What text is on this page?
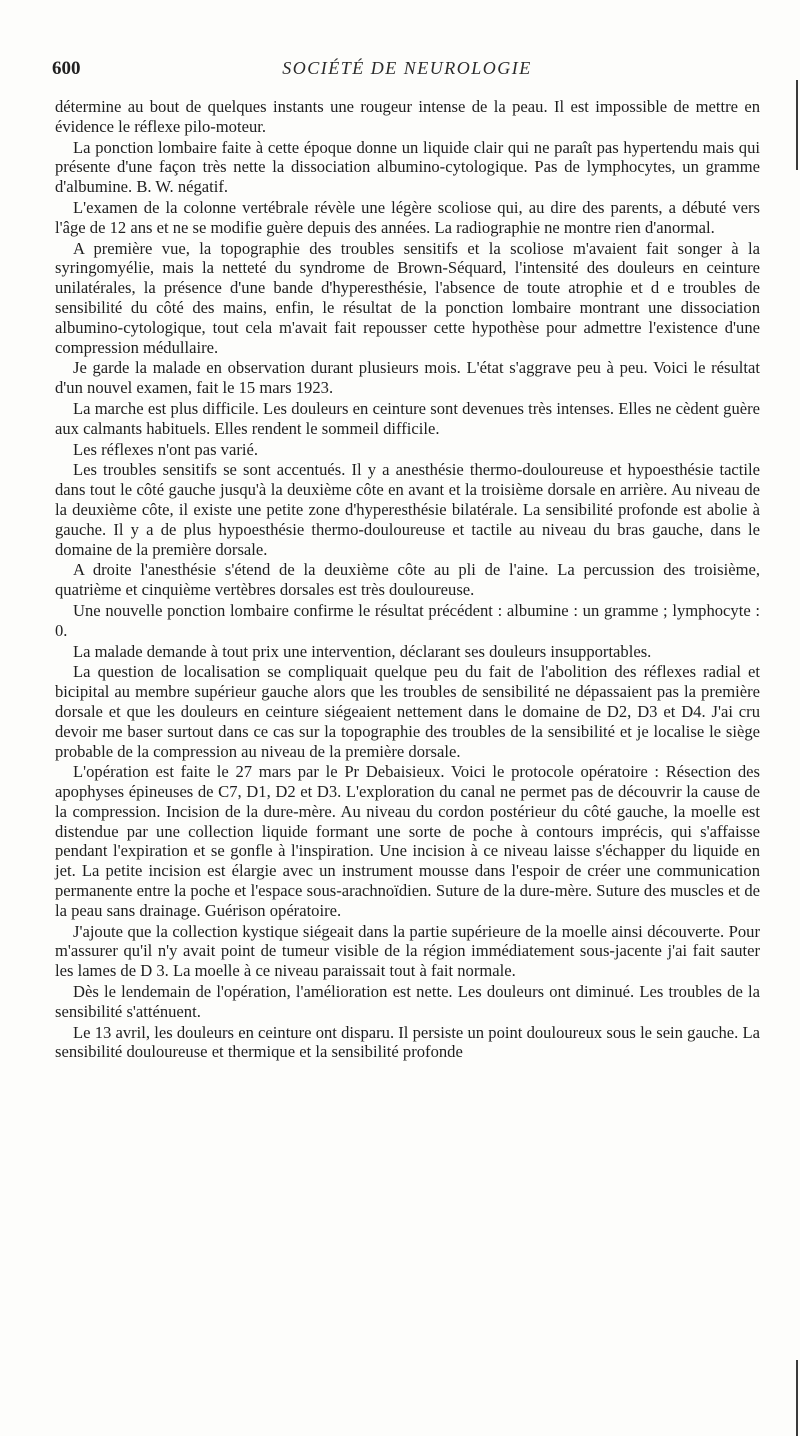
600	SOCIÉTÉ DE NEUROLOGIE

détermine au bout de quelques instants une rougeur intense de la peau. Il est impossible de mettre en évidence le réflexe pilo-moteur.

La ponction lombaire faite à cette époque donne un liquide clair qui ne paraît pas hypertendu mais qui présente d'une façon très nette la dissociation albumino-cytologique. Pas de lymphocytes, un gramme d'albumine. B. W. négatif.

L'examen de la colonne vertébrale révèle une légère scoliose qui, au dire des parents, a débuté vers l'âge de 12 ans et ne se modifie guère depuis des années. La radiographie ne montre rien d'anormal.

A première vue, la topographie des troubles sensitifs et la scoliose m'avaient fait songer à la syringomyélie, mais la netteté du syndrome de Brown-Séquard, l'intensité des douleurs en ceinture unilatérales, la présence d'une bande d'hyperesthésie, l'absence de toute atrophie et d e troubles de sensibilité du côté des mains, enfin, le résultat de la ponction lombaire montrant une dissociation albumino-cytologique, tout cela m'avait fait repousser cette hypothèse pour admettre l'existence d'une compression médullaire.

Je garde la malade en observation durant plusieurs mois. L'état s'aggrave peu à peu. Voici le résultat d'un nouvel examen, fait le 15 mars 1923.

La marche est plus difficile. Les douleurs en ceinture sont devenues très intenses. Elles ne cèdent guère aux calmants habituels. Elles rendent le sommeil difficile.

Les réflexes n'ont pas varié.

Les troubles sensitifs se sont accentués. Il y a anesthésie thermo-douloureuse et hypoesthésie tactile dans tout le côté gauche jusqu'à la deuxième côte en avant et la troisième dorsale en arrière. Au niveau de la deuxième côte, il existe une petite zone d'hyperesthésie bilatérale. La sensibilité profonde est abolie à gauche. Il y a de plus hypoesthésie thermo-douloureuse et tactile au niveau du bras gauche, dans le domaine de la première dorsale.

A droite l'anesthésie s'étend de la deuxième côte au pli de l'aine. La percussion des troisième, quatrième et cinquième vertèbres dorsales est très douloureuse.

Une nouvelle ponction lombaire confirme le résultat précédent : albumine : un gramme ; lymphocyte : 0.

La malade demande à tout prix une intervention, déclarant ses douleurs insupportables.

La question de localisation se compliquait quelque peu du fait de l'abolition des réflexes radial et bicipital au membre supérieur gauche alors que les troubles de sensibilité ne dépassaient pas la première dorsale et que les douleurs en ceinture siégeaient nettement dans le domaine de D2, D3 et D4. J'ai cru devoir me baser surtout dans ce cas sur la topographie des troubles de la sensibilité et je localise le siège probable de la compression au niveau de la première dorsale.

L'opération est faite le 27 mars par le Pr Debaisieux. Voici le protocole opératoire : Résection des apophyses épineuses de C7, D1, D2 et D3. L'exploration du canal ne permet pas de découvrir la cause de la compression. Incision de la dure-mère. Au niveau du cordon postérieur du côté gauche, la moelle est distendue par une collection liquide formant une sorte de poche à contours imprécis, qui s'affaisse pendant l'expiration et se gonfle à l'inspiration. Une incision à ce niveau laisse s'échapper du liquide en jet. La petite incision est élargie avec un instrument mousse dans l'espoir de créer une communication permanente entre la poche et l'espace sous-arachnoïdien. Suture de la dure-mère. Suture des muscles et de la peau sans drainage. Guérison opératoire.

J'ajoute que la collection kystique siégeait dans la partie supérieure de la moelle ainsi découverte. Pour m'assurer qu'il n'y avait point de tumeur visible de la région immédiatement sous-jacente j'ai fait sauter les lames de D 3. La moelle à ce niveau paraissait tout à fait normale.

Dès le lendemain de l'opération, l'amélioration est nette. Les douleurs ont diminué. Les troubles de la sensibilité s'atténuent.

Le 13 avril, les douleurs en ceinture ont disparu. Il persiste un point douloureux sous le sein gauche. La sensibilité douloureuse et thermique et la sensibilité profonde
